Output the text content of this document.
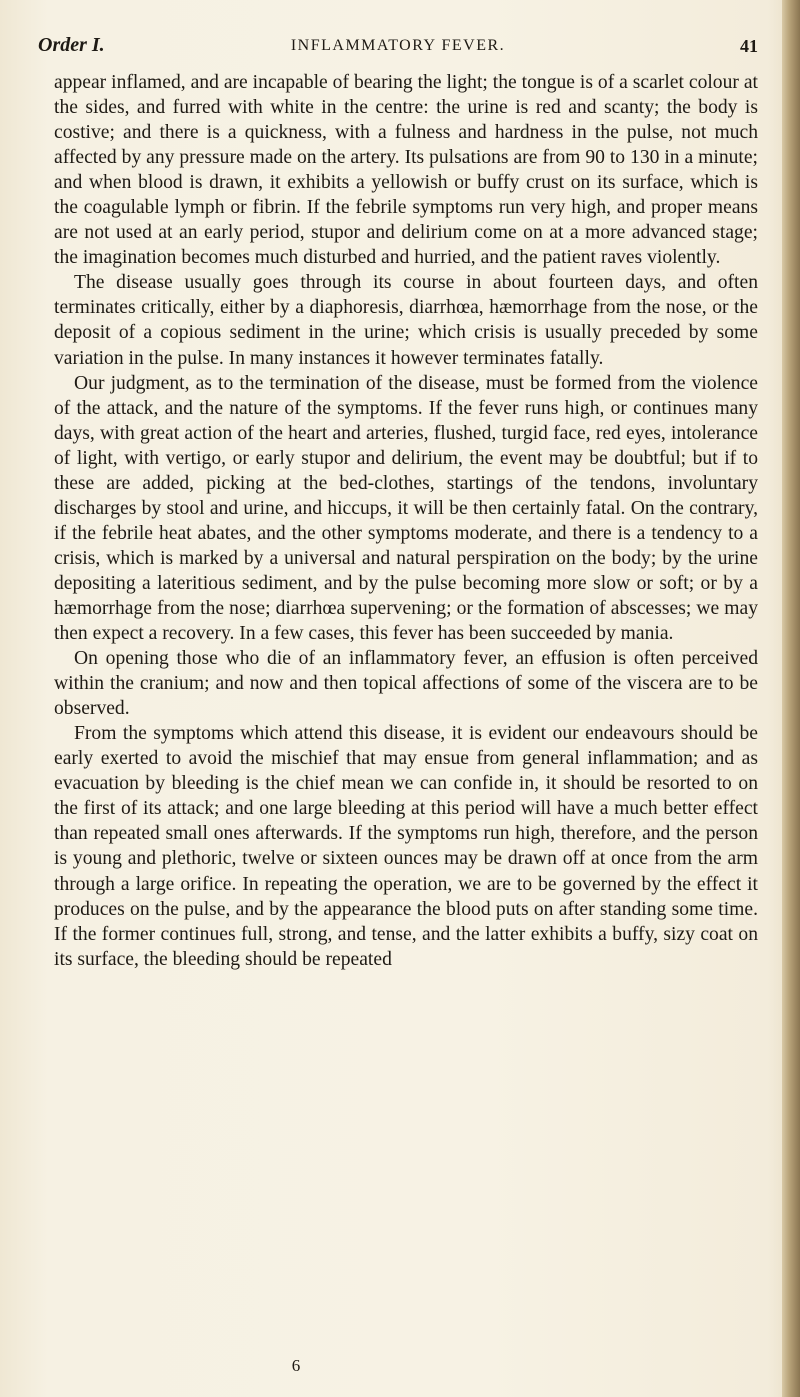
Order I.	INFLAMMATORY FEVER.	41

appear inflamed, and are incapable of bearing the light; the tongue is of a scarlet colour at the sides, and furred with white in the centre: the urine is red and scanty; the body is costive; and there is a quickness, with a fulness and hardness in the pulse, not much affected by any pressure made on the artery. Its pulsations are from 90 to 130 in a minute; and when blood is drawn, it exhibits a yellowish or buffy crust on its surface, which is the coagulable lymph or fibrin. If the febrile symptoms run very high, and proper means are not used at an early period, stupor and delirium come on at a more advanced stage; the imagination becomes much disturbed and hurried, and the patient raves violently.

The disease usually goes through its course in about fourteen days, and often terminates critically, either by a diaphoresis, diarrhœa, hæmorrhage from the nose, or the deposit of a copious sediment in the urine; which crisis is usually preceded by some variation in the pulse. In many instances it however terminates fatally.

Our judgment, as to the termination of the disease, must be formed from the violence of the attack, and the nature of the symptoms. If the fever runs high, or continues many days, with great action of the heart and arteries, flushed, turgid face, red eyes, intolerance of light, with vertigo, or early stupor and delirium, the event may be doubtful; but if to these are added, picking at the bed-clothes, startings of the tendons, involuntary discharges by stool and urine, and hiccups, it will be then certainly fatal. On the contrary, if the febrile heat abates, and the other symptoms moderate, and there is a tendency to a crisis, which is marked by a universal and natural perspiration on the body; by the urine depositing a lateritious sediment, and by the pulse becoming more slow or soft; or by a hæmorrhage from the nose; diarrhœa supervening; or the formation of abscesses; we may then expect a recovery. In a few cases, this fever has been succeeded by mania.

On opening those who die of an inflammatory fever, an effusion is often perceived within the cranium; and now and then topical affections of some of the viscera are to be observed.

From the symptoms which attend this disease, it is evident our endeavours should be early exerted to avoid the mischief that may ensue from general inflammation; and as evacuation by bleeding is the chief mean we can confide in, it should be resorted to on the first of its attack; and one large bleeding at this period will have a much better effect than repeated small ones afterwards. If the symptoms run high, therefore, and the person is young and plethoric, twelve or sixteen ounces may be drawn off at once from the arm through a large orifice. In repeating the operation, we are to be governed by the effect it produces on the pulse, and by the appearance the blood puts on after standing some time. If the former continues full, strong, and tense, and the latter exhibits a buffy, sizy coat on its surface, the bleeding should be repeated

6
